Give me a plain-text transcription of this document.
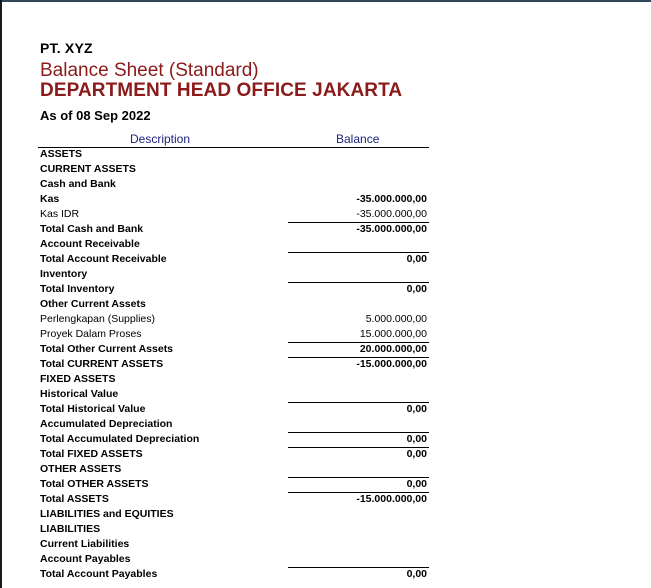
PT. XYZ
Balance Sheet (Standard)
DEPARTMENT HEAD OFFICE JAKARTA
As of 08 Sep 2022
Description	Balance
ASSETS
CURRENT ASSETS
Cash and Bank
Kas	-35.000.000,00
Kas IDR	-35.000.000,00
Total Cash and Bank	-35.000.000,00
Account Receivable
Total Account Receivable	0,00
Inventory
Total Inventory	0,00
Other Current Assets
Perlengkapan (Supplies)	5.000.000,00
Proyek Dalam Proses	15.000.000,00
Total Other Current Assets	20.000.000,00
Total CURRENT ASSETS	-15.000.000,00
FIXED ASSETS
Historical Value
Total Historical Value	0,00
Accumulated Depreciation
Total Accumulated Depreciation	0,00
Total FIXED ASSETS	0,00
OTHER ASSETS
Total OTHER ASSETS	0,00
Total ASSETS	-15.000.000,00
LIABILITIES and EQUITIES
LIABILITIES
Current Liabilities
Account Payables
Total Account Payables	0,00
